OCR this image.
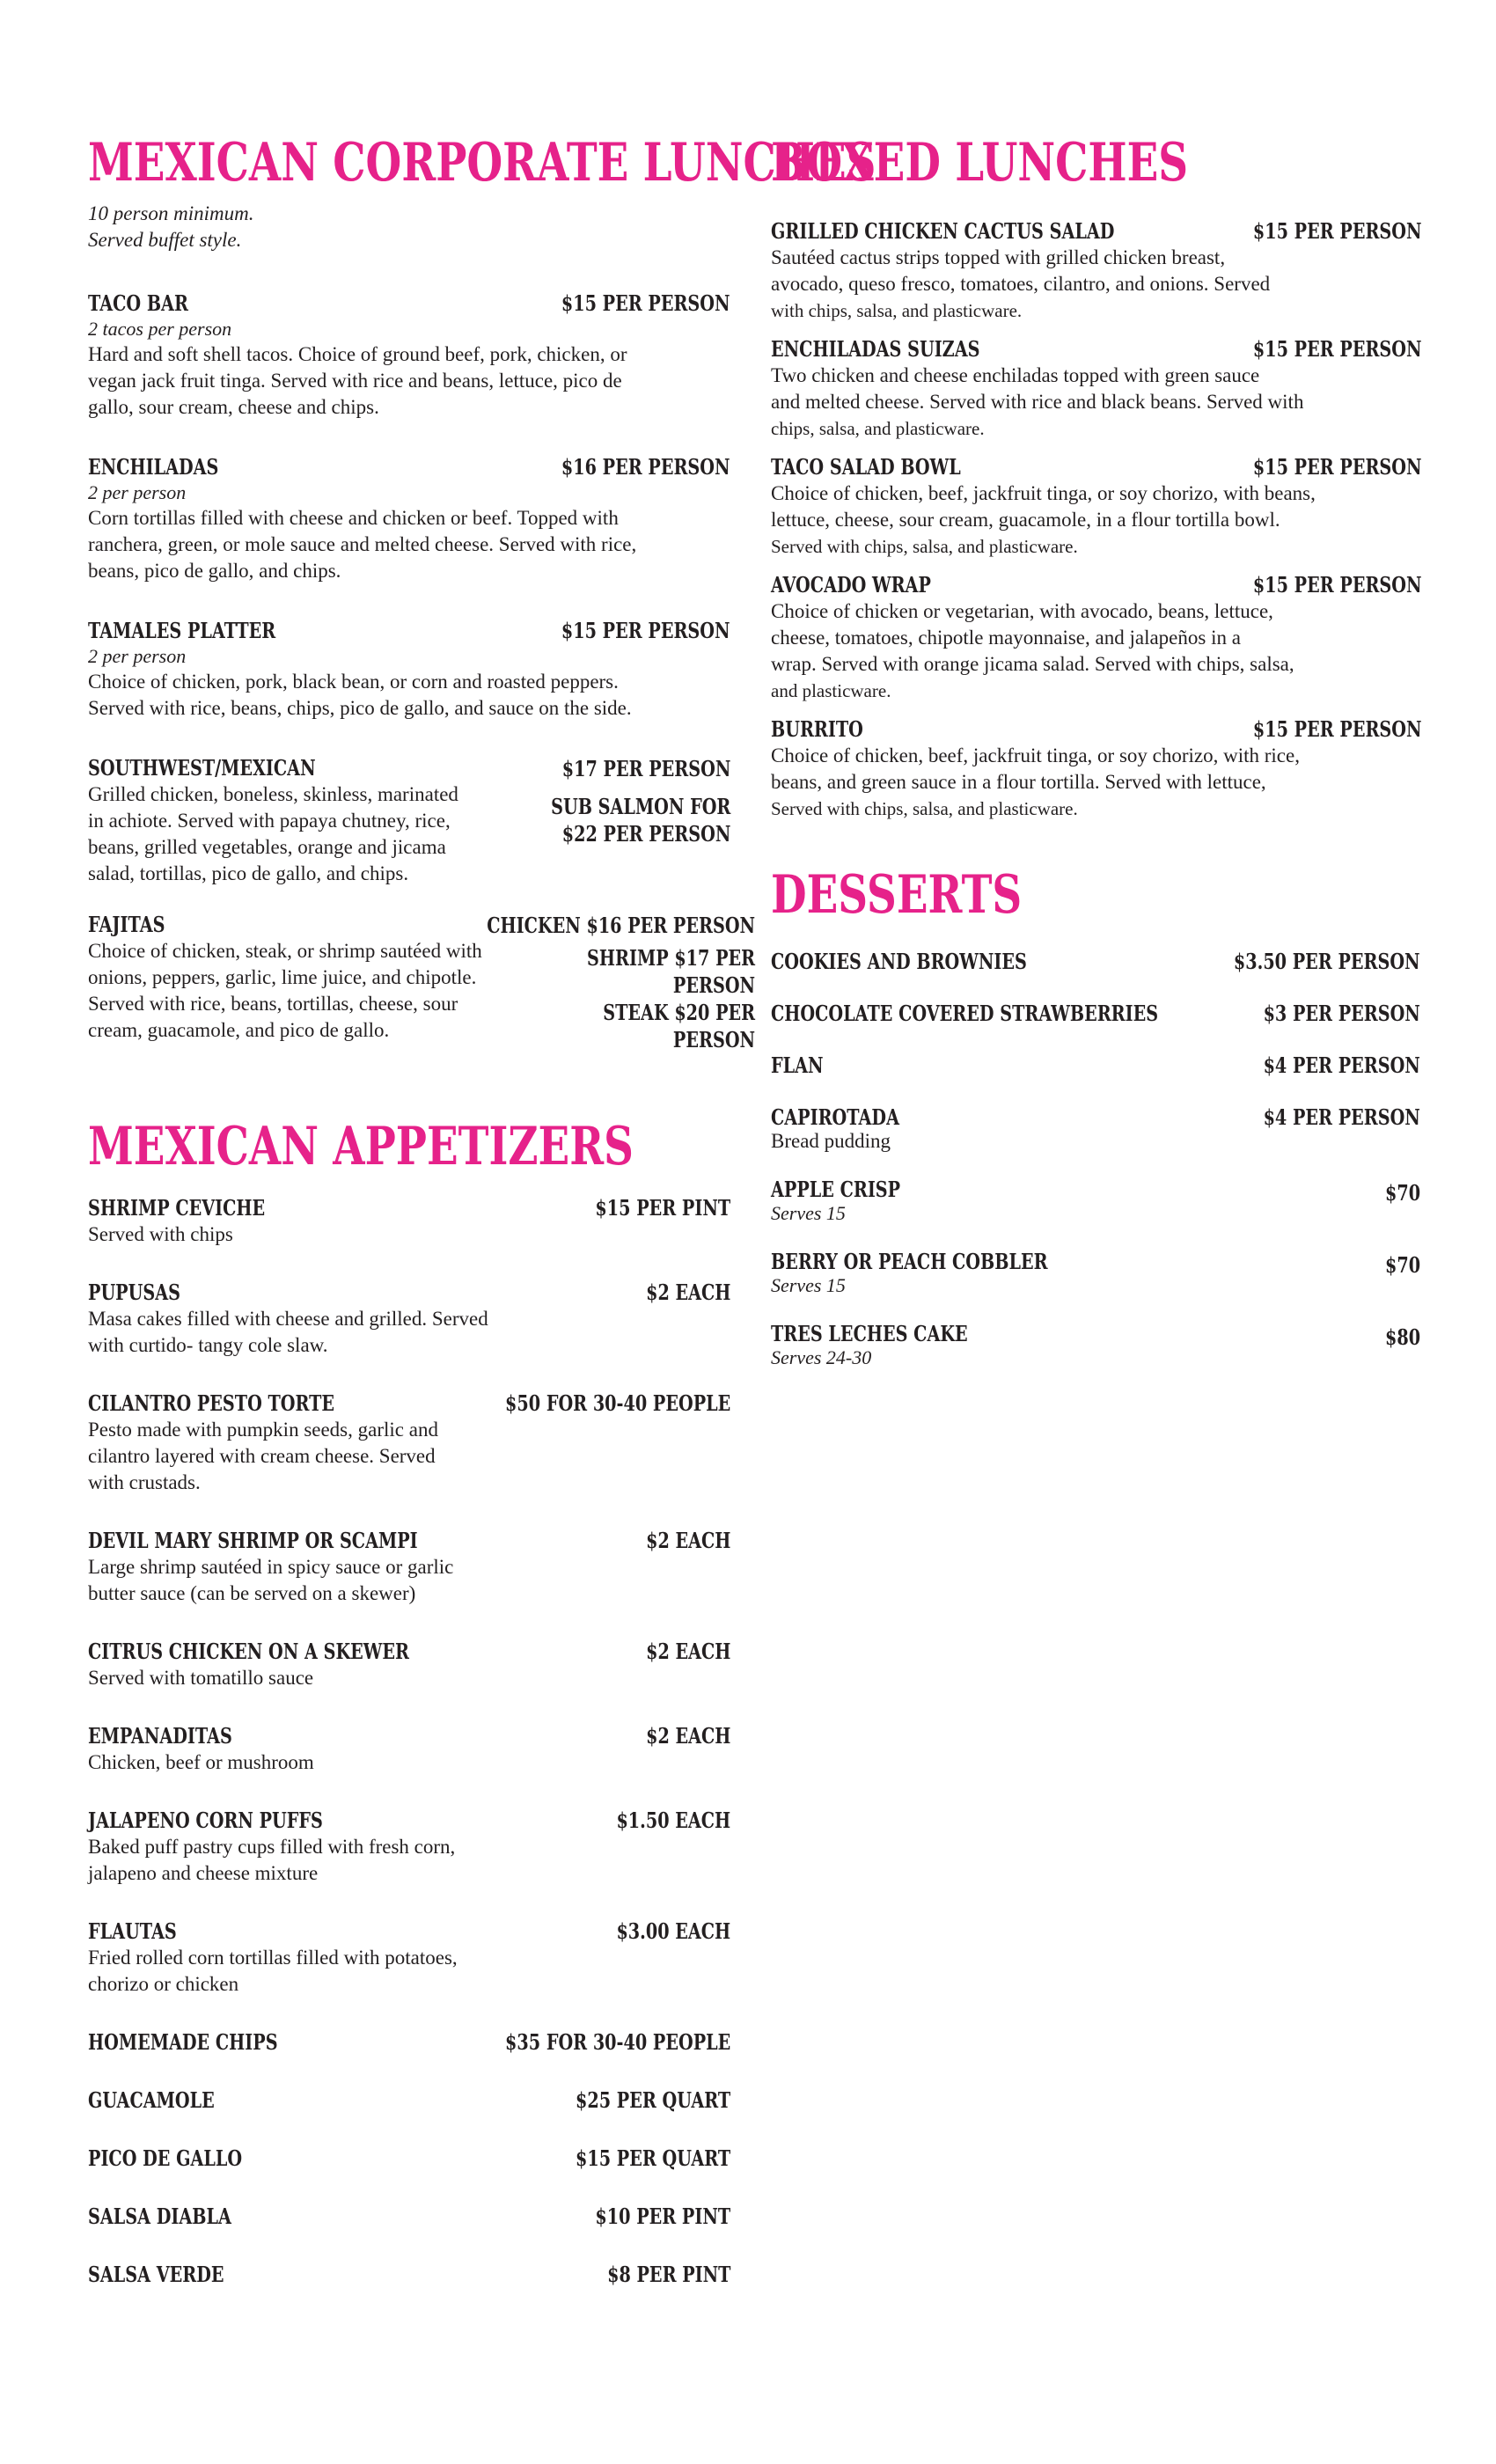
MEXICAN CORPORATE LUNCHES
10 person minimum.
Served buffet style.
TACO BAR	$15 PER PERSON
2 tacos per person
Hard and soft shell tacos. Choice of ground beef, pork, chicken, or
vegan jack fruit tinga. Served with rice and beans, lettuce, pico de
gallo, sour cream, cheese and chips.
ENCHILADAS	$16 PER PERSON
2 per person
Corn tortillas filled with cheese and chicken or beef. Topped with
ranchera, green, or mole sauce and melted cheese. Served with rice,
beans, pico de gallo, and chips.
TAMALES PLATTER	$15 PER PERSON
2 per person
Choice of chicken, pork, black bean, or corn and roasted peppers.
Served with rice, beans, chips, pico de gallo, and sauce on the side.
SOUTHWEST/MEXICAN	$17 PER PERSON
SUB SALMON FOR
$22 PER PERSON
Grilled chicken, boneless, skinless, marinated
in achiote. Served with papaya chutney, rice,
beans, grilled vegetables, orange and jicama
salad, tortillas, pico de gallo, and chips.
FAJITAS	CHICKEN $16 PER PERSON
SHRIMP $17 PER
PERSON
STEAK $20 PER
PERSON
Choice of chicken, steak, or shrimp sautéed with
onions, peppers, garlic, lime juice, and chipotle.
Served with rice, beans, tortillas, cheese, sour
cream, guacamole, and pico de gallo.
MEXICAN APPETIZERS
SHRIMP CEVICHE	$15 PER PINT
Served with chips
PUPUSAS	$2 EACH
Masa cakes filled with cheese and grilled. Served
with curtido- tangy cole slaw.
CILANTRO PESTO TORTE	$50 FOR 30-40 PEOPLE
Pesto made with pumpkin seeds, garlic and
cilantro layered with cream cheese. Served
with crustads.
DEVIL MARY SHRIMP OR SCAMPI	$2 EACH
Large shrimp sautéed in spicy sauce or garlic
butter sauce (can be served on a skewer)
CITRUS CHICKEN ON A SKEWER	$2 EACH
Served with tomatillo sauce
EMPANADITAS	$2 EACH
Chicken, beef or mushroom
JALAPENO CORN PUFFS	$1.50 EACH
Baked puff pastry cups filled with fresh corn,
jalapeno and cheese mixture
FLAUTAS	$3.00 EACH
Fried rolled corn tortillas filled with potatoes,
chorizo or chicken
HOMEMADE CHIPS	$35 FOR 30-40 PEOPLE
GUACAMOLE	$25 PER QUART
PICO DE GALLO	$15 PER QUART
SALSA DIABLA	$10 PER PINT
SALSA VERDE	$8 PER PINT
BOXED LUNCHES
GRILLED CHICKEN CACTUS SALAD	$15 PER PERSON
Sautéed cactus strips topped with grilled chicken breast,
avocado, queso fresco, tomatoes, cilantro, and onions. Served
with chips, salsa, and plasticware.
ENCHILADAS SUIZAS	$15 PER PERSON
Two chicken and cheese enchiladas topped with green sauce
and melted cheese. Served with rice and black beans. Served with
chips, salsa, and plasticware.
TACO SALAD BOWL	$15 PER PERSON
Choice of chicken, beef, jackfruit tinga, or soy chorizo, with beans,
lettuce, cheese, sour cream, guacamole, in a flour tortilla bowl.
Served with chips, salsa, and plasticware.
AVOCADO WRAP	$15 PER PERSON
Choice of chicken or vegetarian, with avocado, beans, lettuce,
cheese, tomatoes, chipotle mayonnaise, and jalapeños in a
wrap. Served with orange jicama salad. Served with chips, salsa,
and plasticware.
BURRITO	$15 PER PERSON
Choice of chicken, beef, jackfruit tinga, or soy chorizo, with rice,
beans, and green sauce in a flour tortilla. Served with lettuce,
Served with chips, salsa, and plasticware.
DESSERTS
COOKIES AND BROWNIES	$3.50 PER PERSON
CHOCOLATE COVERED STRAWBERRIES	$3 PER PERSON
FLAN	$4 PER PERSON
CAPIROTADA	$4 PER PERSON
Bread pudding
APPLE CRISP	$70
Serves 15
BERRY OR PEACH COBBLER	$70
Serves 15
TRES LECHES CAKE	$80
Serves 24-30
